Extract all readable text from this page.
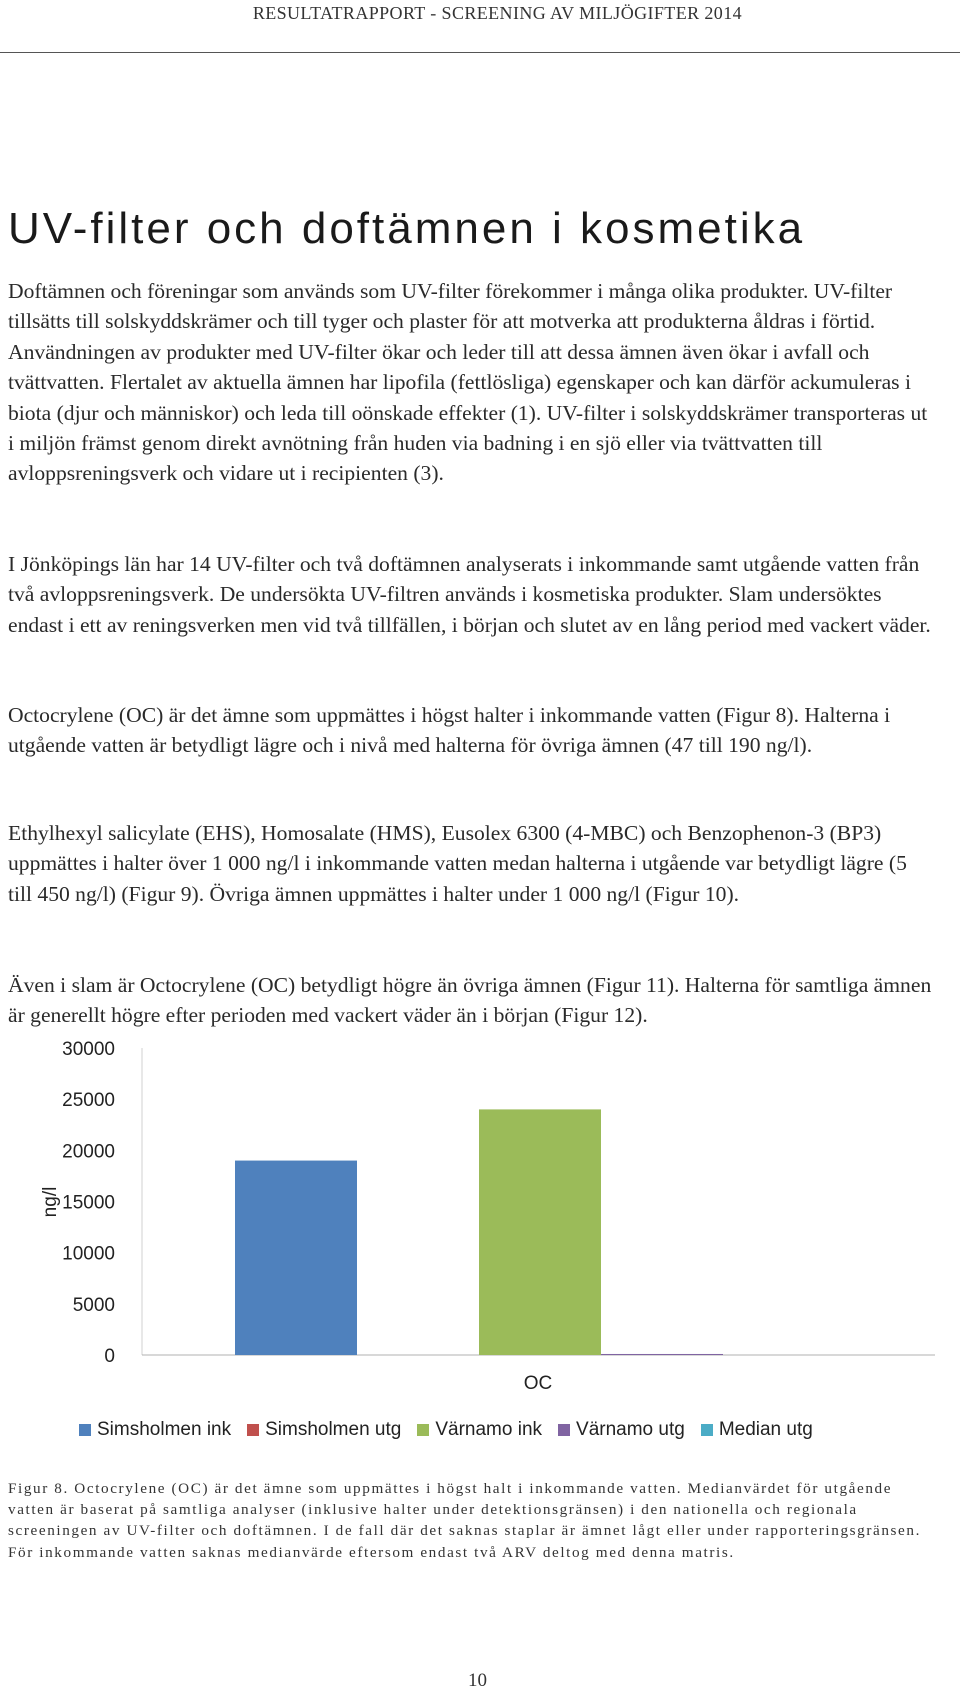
RESULTATRAPPORT - SCREENING AV MILJÖGIFTER 2014
UV-filter och doftämnen i kosmetika

Doftämnen och föreningar som används som UV-filter förekommer i många olika produkter. UV-filter tillsätts till solskyddskrämer och till tyger och plaster för att motverka att produkterna åldras i förtid. Användningen av produkter med UV-filter ökar och leder till att dessa ämnen även ökar i avfall och tvättvatten. Flertalet av aktuella ämnen har lipofila (fettlösliga) egenskaper och kan därför ackumuleras i biota (djur och människor) och leda till oönskade effekter (1). UV-filter i solskyddskrämer transporteras ut i miljön främst genom direkt avnötning från huden via badning i en sjö eller via tvättvatten till avloppsreningsverk och vidare ut i recipienten (3).

I Jönköpings län har 14 UV-filter och två doftämnen analyserats i inkommande samt utgående vatten från två avloppsreningsverk. De undersökta UV-filtren används i kosmetiska produkter. Slam undersöktes endast i ett av reningsverken men vid två tillfällen, i början och slutet av en lång period med vackert väder.

Octocrylene (OC) är det ämne som uppmättes i högst halter i inkommande vatten (Figur 8). Halterna i utgående vatten är betydligt lägre och i nivå med halterna för övriga ämnen (47 till 190 ng/l).

Ethylhexyl salicylate (EHS), Homosalate (HMS), Eusolex 6300 (4-MBC) och Benzophenon-3 (BP3) uppmättes i halter över 1 000 ng/l i inkommande vatten medan halterna i utgående var betydligt lägre (5 till 450 ng/l) (Figur 9). Övriga ämnen uppmättes i halter under 1 000 ng/l (Figur 10).

Även i slam är Octocrylene (OC) betydligt högre än övriga ämnen (Figur 11). Halterna för samtliga ämnen är generellt högre efter perioden med vackert väder än i början (Figur 12).

0
5000
10000
15000
20000
25000
30000
OC
ng/l
Simsholmen ink Simsholmen utg Värnamo ink Värnamo utg Median utg

Figur 8. Octocrylene (OC) är det ämne som uppmättes i högst halt i inkommande vatten. Medianvärdet för utgående vatten är baserat på samtliga analyser (inklusive halter under detektionsgränsen) i den nationella och regionala screeningen av UV-filter och doftämnen. I de fall där det saknas staplar är ämnet lågt eller under rapporteringsgränsen. För inkommande vatten saknas medianvärde eftersom endast två ARV deltog med denna matris.

10
